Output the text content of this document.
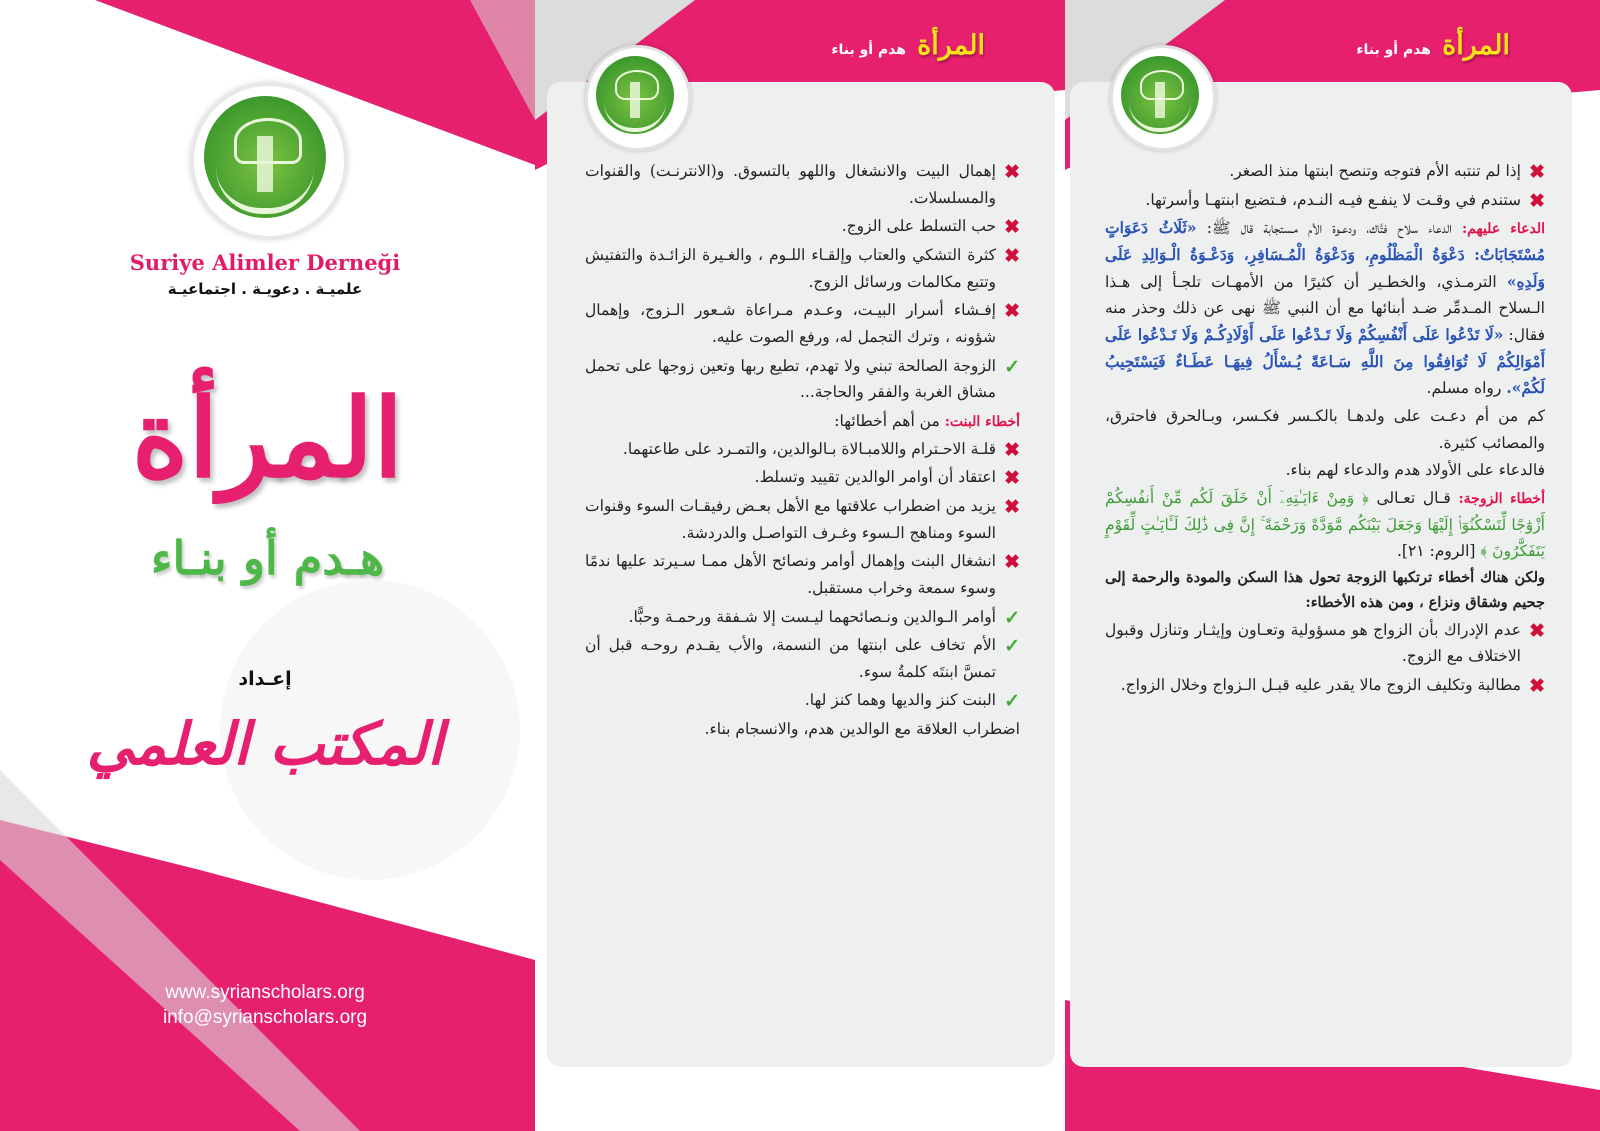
Suriye Alimler Derneği
علميـة . دعويـة . اجتماعيـة
المرأة
هـدم أو بنـاء
إعـداد
المكتب العلمي
www.syrianscholars.org
info@syrianscholars.org
المرأة هدم أو بناء
✖
إهمال البيت والانشغال واللهو بالتسوق. و(الانترنـت) والقنوات والمسلسلات.
✖
حب التسلط على الزوج.
✖
كثرة التشكي والعتاب وإلقـاء اللـوم ، والغـيرة الزائـدة والتفتيش وتتبع مكالمات ورسائل الزوج.
✖
إفـشاء أسرار البيـت، وعـدم مـراعاة شـعور الـزوج، وإهمال شؤونه ، وترك التجمل له، ورفع الصوت عليه.
✓
الزوجة الصالحة تبني ولا تهدم، تطيع ربها وتعين زوجها على تحمل مشاق الغربة والفقر والحاجة...

أخطاء البنت: من أهم أخطائها:

✖
قلـة الاحـترام واللامبـالاة بـالوالدين، والتمـرد على طاعتهما.
✖
اعتقاد أن أوامر الوالدين تقييد وتسلط.
✖
يزيد من اضطراب علاقتها مع الأهل بعـض رفيقـات السوء وقنوات السوء ومناهج الـسوء وغـرف التواصـل والدردشة.
✖
انشغال البنت وإهمال أوامر ونصائح الأهل ممـا سـيرتد عليها ندمًا وسوء سمعة وخراب مستقبل.
✓
أوامر الـوالدين ونـصائحهما ليـست إلا شـفقة ورحمـة وحبًّا.
✓
الأم تخاف على ابنتها من النسمة، والأب يقـدم روحـه قبل أن تمسَّ ابنتَه كلمةُ سوء.
✓
البنت كنز والديها وهما كنز لها.

اضطراب العلاقة مع الوالدين هدم، والانسجام بناء.

المرأة هدم أو بناء
✖
إذا لم تنتبه الأم فتوجه وتنصح ابنتها منذ الصغر.
✖
ستندم في وقـت لا ينفـع فيـه النـدم، فـتضيع ابنتهـا وأسرتها.

الدعاء عليهم: الدعاء سلاح فتَّاك، ودعـوة الأم مـستجابة قال ﷺ: «ثَلَاثُ دَعَوَاتٍ مُسْتَجَابَاتٌ: دَعْوَةُ الْمَظْلُومِ، وَدَعْوَةُ الْمُـسَافِرِ، وَدَعْـوَةُ الْـوَالِدِ عَلَى وَلَدِهِ» الترمـذي، والخطـير أن كثيرًا من الأمهـات تلجـأ إلى هـذا الـسلاح المـدمِّر ضـد أبنائها مع أن النبي ﷺ نهى عن ذلك وحذر منه فقال: «لَا تَدْعُوا عَلَى أَنْفُسِكُمْ وَلَا تَـدْعُوا عَلَى أَوْلَادِكُـمْ وَلَا تَـدْعُوا عَلَى أَمْوَالِكُمْ لَا تُوَافِقُوا مِنَ اللَّهِ سَـاعَةً يُـسْأَلُ فِيهَـا عَطَـاءٌ فَيَسْتَجِيبُ لَكُمْ». رواه مسلم.

كم من أم دعـت على ولدهـا بالكـسر فكـسر، وبـالحرق فاحترق، والمصائب كثيرة.

فالدعاء على الأولاد هدم والدعاء لهم بناء.

أخطاء الزوجة: قـال تعـالى ﴿ وَمِنْ ءَايَـٰتِهِۦٓ أَنْ خَلَقَ لَكُم مِّنْ أَنفُسِكُمْ أَزْوَٰجًا لِّتَسْكُنُوٓا۟ إِلَيْهَا وَجَعَلَ بَيْنَكُم مَّوَدَّةً وَرَحْمَةً ۚ إِنَّ فِى ذَٰلِكَ لَـَٔايَـٰتٍ لِّقَوْمٍ يَتَفَكَّرُونَ ﴾ [الروم: ٢١].

ولكن هناك أخطاء ترتكبها الزوجة تحول هذا السكن والمودة والرحمة إلى جحيم وشقاق ونزاع ، ومن هذه الأخطاء:

✖
عدم الإدراك بأن الزواج هو مسؤولية وتعـاون وإيثـار وتنازل وقبول الاختلاف مع الزوج.
✖
مطالبة وتكليف الزوج مالا يقدر عليه قبـل الـزواج وخلال الزواج.
